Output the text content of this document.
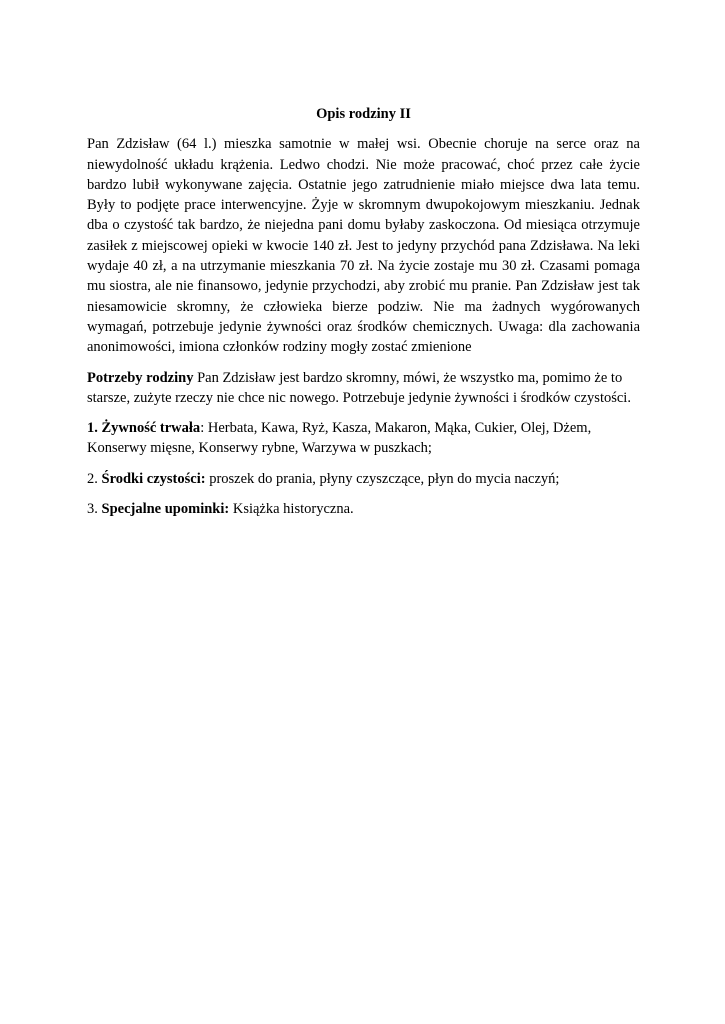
Opis rodziny II

Pan Zdzisław (64 l.) mieszka samotnie w małej wsi. Obecnie choruje na serce oraz na niewydolność układu krążenia. Ledwo chodzi. Nie może pracować, choć przez całe życie bardzo lubił wykonywane zajęcia. Ostatnie jego zatrudnienie miało miejsce dwa lata temu. Były to podjęte prace interwencyjne. Żyje w skromnym dwupokojowym mieszkaniu. Jednak dba o czystość tak bardzo, że niejedna pani domu byłaby zaskoczona. Od miesiąca otrzymuje zasiłek z miejscowej opieki w kwocie 140 zł. Jest to jedyny przychód pana Zdzisława. Na leki wydaje 40 zł, a na utrzymanie mieszkania 70 zł. Na życie zostaje mu 30 zł. Czasami pomaga mu siostra, ale nie finansowo, jedynie przychodzi, aby zrobić mu pranie. Pan Zdzisław jest tak niesamowicie skromny, że człowieka bierze podziw. Nie ma żadnych wygórowanych wymagań, potrzebuje jedynie żywności oraz środków chemicznych. Uwaga: dla zachowania anonimowości, imiona członków rodziny mogły zostać zmienione

Potrzeby rodziny Pan Zdzisław jest bardzo skromny, mówi, że wszystko ma, pomimo że to starsze, zużyte rzeczy nie chce nic nowego. Potrzebuje jedynie żywności i środków czystości.

1. Żywność trwała: Herbata, Kawa, Ryż, Kasza, Makaron, Mąka, Cukier, Olej, Dżem, Konserwy mięsne, Konserwy rybne, Warzywa w puszkach;

2. Środki czystości: proszek do prania, płyny czyszczące, płyn do mycia naczyń;

3. Specjalne upominki: Książka historyczna.
